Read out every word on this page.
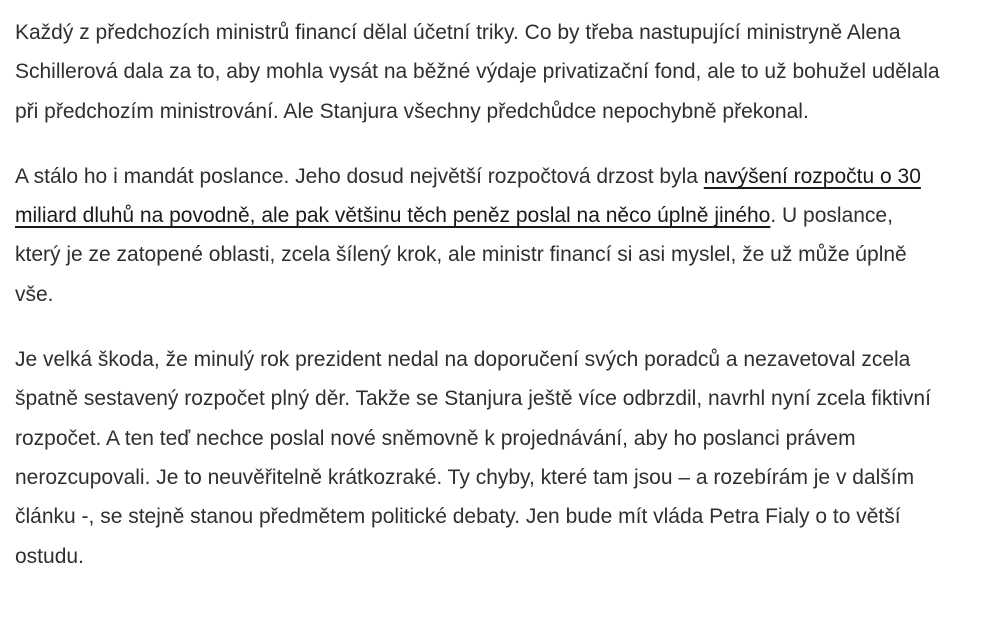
Každý z předchozích ministrů financí dělal účetní triky. Co by třeba nastupující ministryně Alena Schillerová dala za to, aby mohla vysát na běžné výdaje privatizační fond, ale to už bohužel udělala při předchozím ministrování. Ale Stanjura všechny předchůdce nepochybně překonal.

A stálo ho i mandát poslance. Jeho dosud největší rozpočtová drzost byla navýšení rozpočtu o 30 miliard dluhů na povodně, ale pak většinu těch peněz poslal na něco úplně jiného. U poslance, který je ze zatopené oblasti, zcela šílený krok, ale ministr financí si asi myslel, že už může úplně vše.

Je velká škoda, že minulý rok prezident nedal na doporučení svých poradců a nezavetoval zcela špatně sestavený rozpočet plný děr. Takže se Stanjura ještě více odbrzdil, navrhl nyní zcela fiktivní rozpočet. A ten teď nechce poslal nové sněmovně k projednávání, aby ho poslanci právem nerozcupovali. Je to neuvěřitelně krátkozraké. Ty chyby, které tam jsou – a rozebírám je v dalším článku -, se stejně stanou předmětem politické debaty. Jen bude mít vláda Petra Fialy o to větší ostudu.
